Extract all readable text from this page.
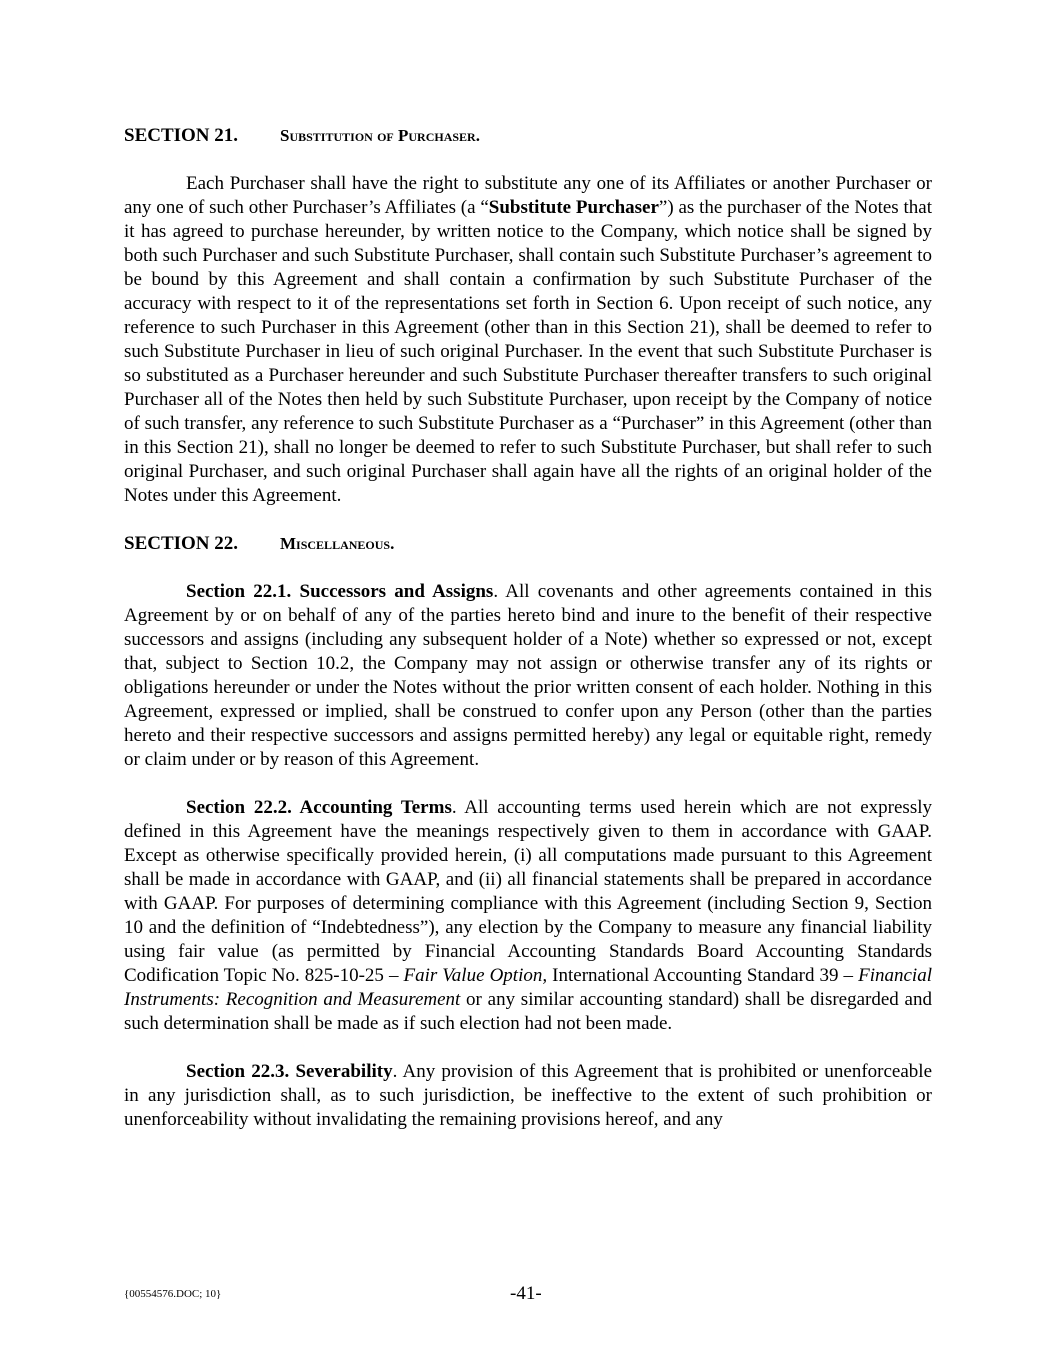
SECTION 21. Substitution of Purchaser.

Each Purchaser shall have the right to substitute any one of its Affiliates or another Purchaser or any one of such other Purchaser’s Affiliates (a “Substitute Purchaser”) as the purchaser of the Notes that it has agreed to purchase hereunder, by written notice to the Company, which notice shall be signed by both such Purchaser and such Substitute Purchaser, shall contain such Substitute Purchaser’s agreement to be bound by this Agreement and shall contain a confirmation by such Substitute Purchaser of the accuracy with respect to it of the representations set forth in Section 6. Upon receipt of such notice, any reference to such Purchaser in this Agreement (other than in this Section 21), shall be deemed to refer to such Substitute Purchaser in lieu of such original Purchaser. In the event that such Substitute Purchaser is so substituted as a Purchaser hereunder and such Substitute Purchaser thereafter transfers to such original Purchaser all of the Notes then held by such Substitute Purchaser, upon receipt by the Company of notice of such transfer, any reference to such Substitute Purchaser as a “Purchaser” in this Agreement (other than in this Section 21), shall no longer be deemed to refer to such Substitute Purchaser, but shall refer to such original Purchaser, and such original Purchaser shall again have all the rights of an original holder of the Notes under this Agreement.

SECTION 22. Miscellaneous.

Section 22.1. Successors and Assigns. All covenants and other agreements contained in this Agreement by or on behalf of any of the parties hereto bind and inure to the benefit of their respective successors and assigns (including any subsequent holder of a Note) whether so expressed or not, except that, subject to Section 10.2, the Company may not assign or otherwise transfer any of its rights or obligations hereunder or under the Notes without the prior written consent of each holder. Nothing in this Agreement, expressed or implied, shall be construed to confer upon any Person (other than the parties hereto and their respective successors and assigns permitted hereby) any legal or equitable right, remedy or claim under or by reason of this Agreement.

Section 22.2. Accounting Terms. All accounting terms used herein which are not expressly defined in this Agreement have the meanings respectively given to them in accordance with GAAP. Except as otherwise specifically provided herein, (i) all computations made pursuant to this Agreement shall be made in accordance with GAAP, and (ii) all financial statements shall be prepared in accordance with GAAP. For purposes of determining compliance with this Agreement (including Section 9, Section 10 and the definition of “Indebtedness”), any election by the Company to measure any financial liability using fair value (as permitted by Financial Accounting Standards Board Accounting Standards Codification Topic No. 825-10-25 – Fair Value Option, International Accounting Standard 39 – Financial Instruments: Recognition and Measurement or any similar accounting standard) shall be disregarded and such determination shall be made as if such election had not been made.

Section 22.3. Severability. Any provision of this Agreement that is prohibited or unenforceable in any jurisdiction shall, as to such jurisdiction, be ineffective to the extent of such prohibition or unenforceability without invalidating the remaining provisions hereof, and any

{00554576.DOC; 10}	-41-
